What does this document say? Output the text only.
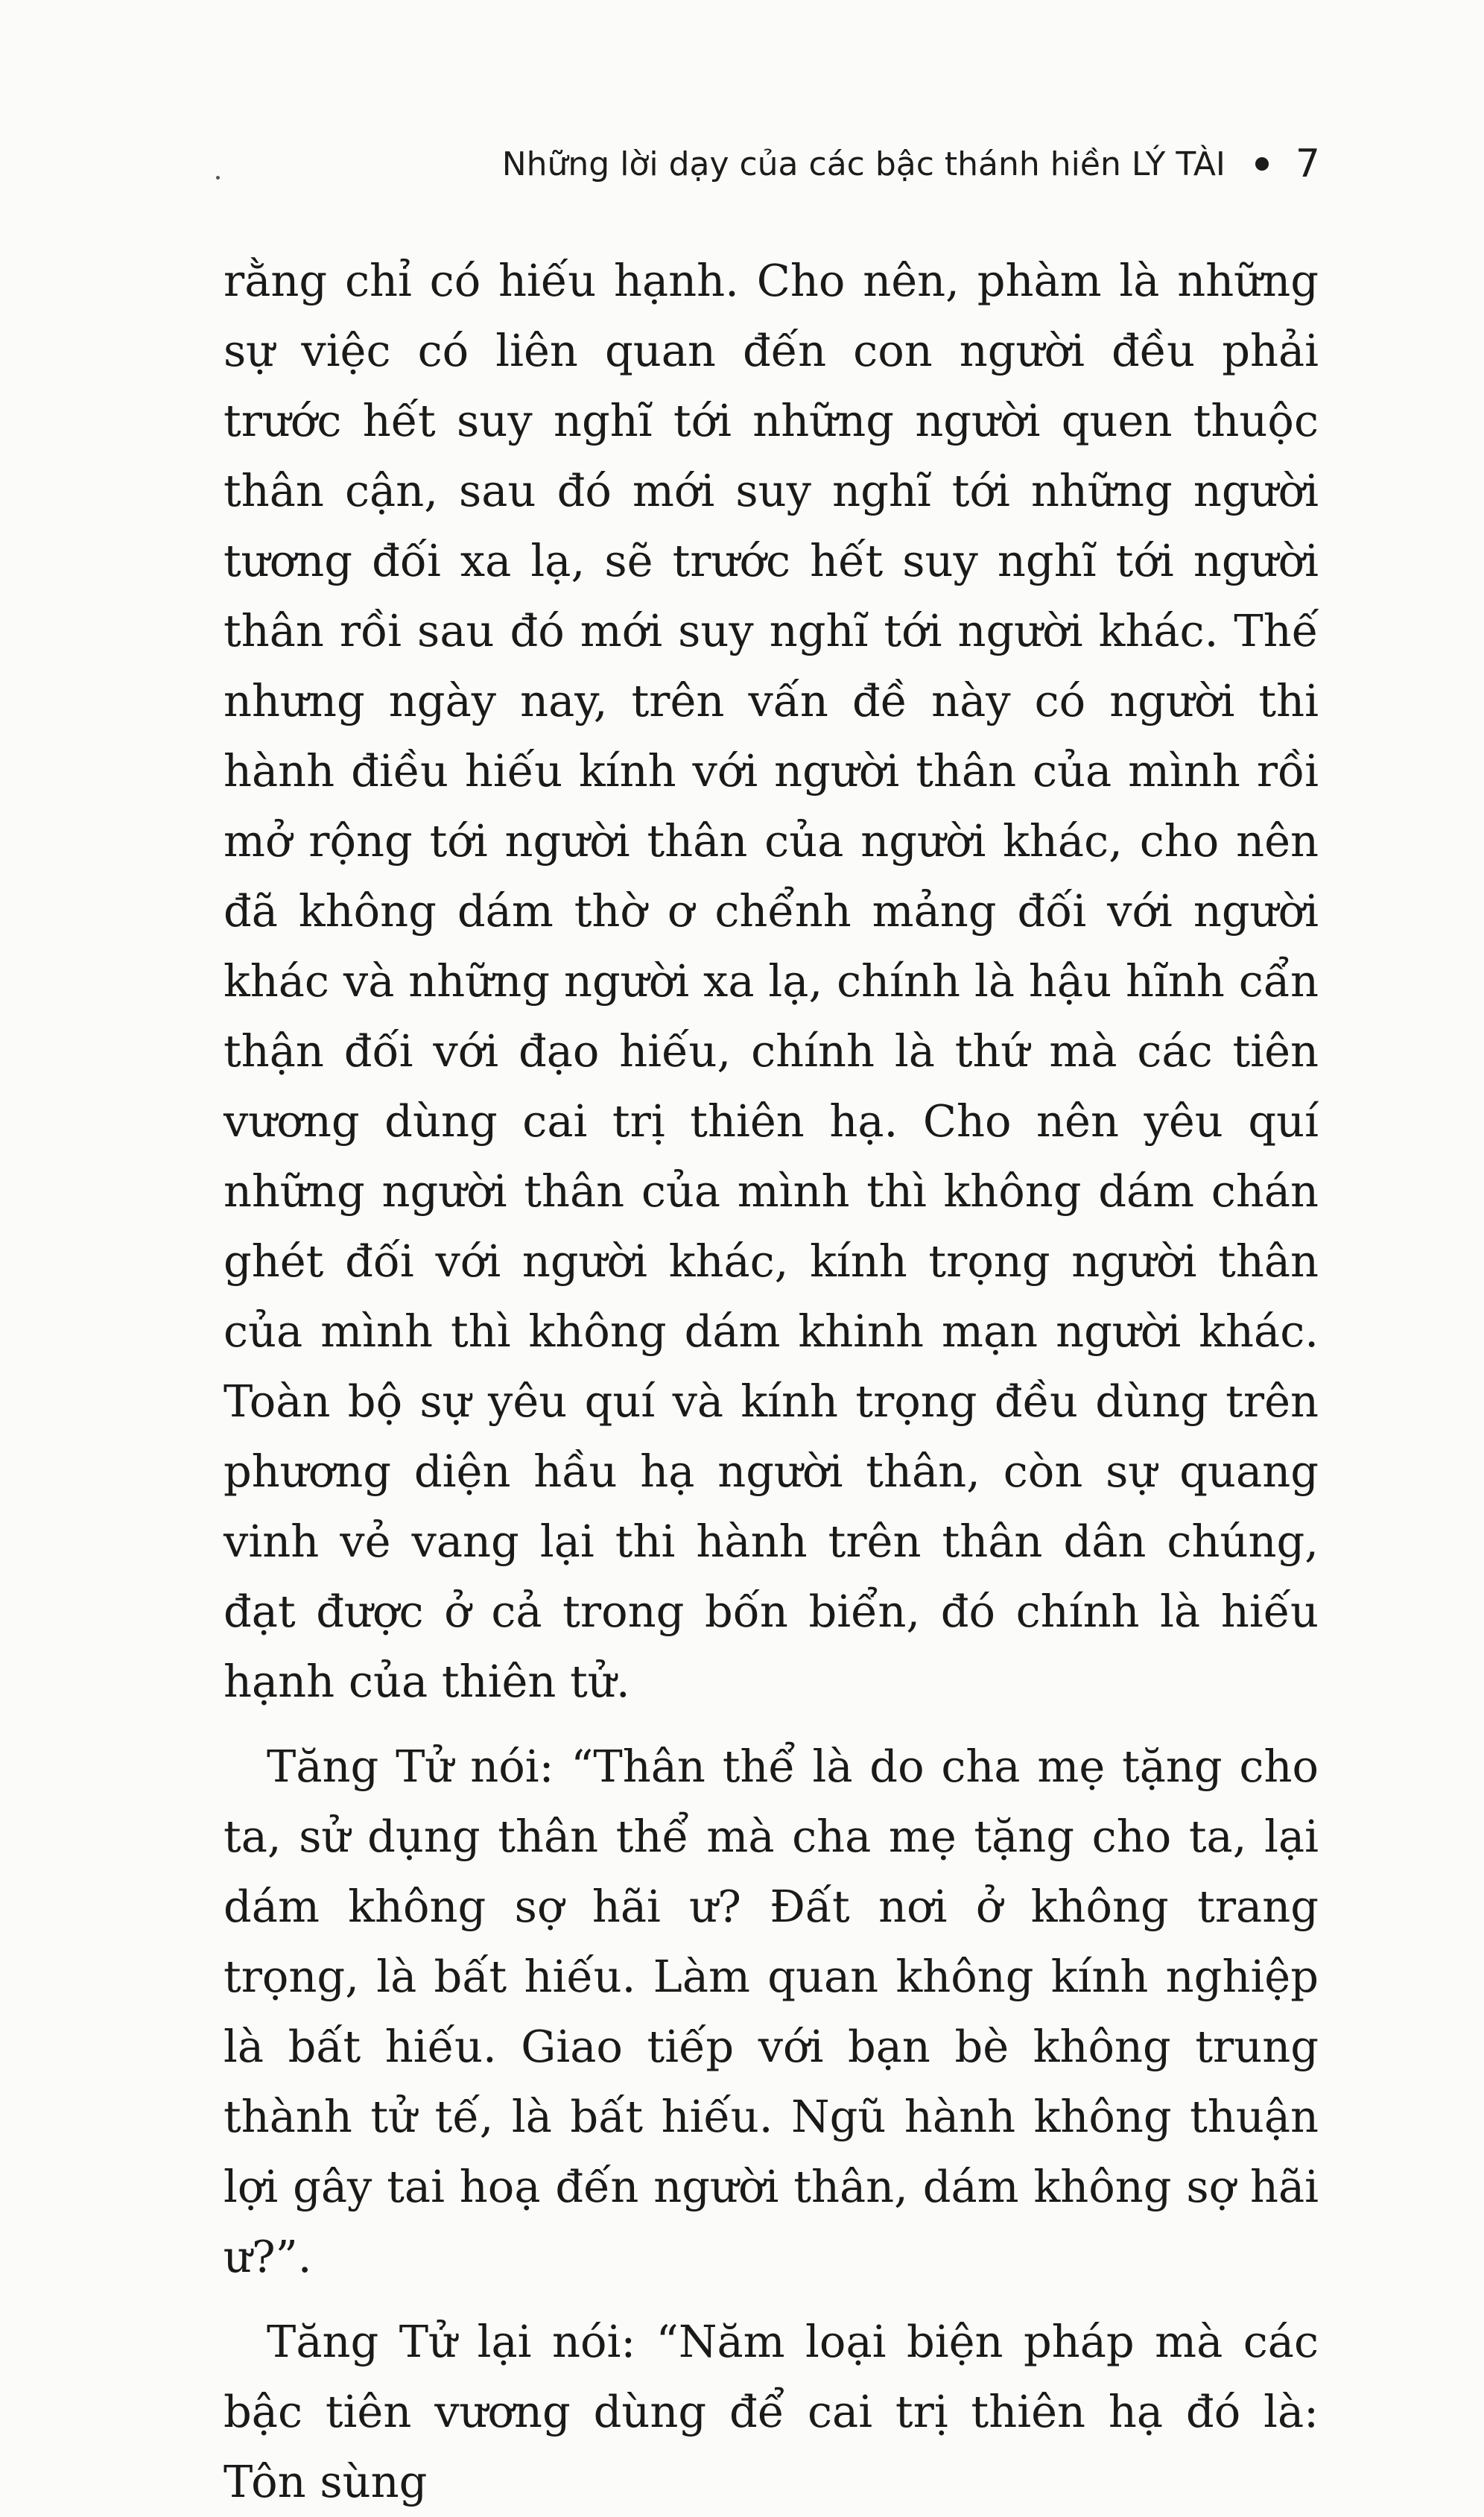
Những lời dạy của các bậc thánh hiền LÝ TÀI 7

rằng chỉ có hiếu hạnh. Cho nên, phàm là những sự việc có liên quan đến con người đều phải trước hết suy nghĩ tới những người quen thuộc thân cận, sau đó mới suy nghĩ tới những người tương đối xa lạ, sẽ trước hết suy nghĩ tới người thân rồi sau đó mới suy nghĩ tới người khác. Thế nhưng ngày nay, trên vấn đề này có người thi hành điều hiếu kính với người thân của mình rồi mở rộng tới người thân của người khác, cho nên đã không dám thờ ơ chểnh mảng đối với người khác và những người xa lạ, chính là hậu hĩnh cẩn thận đối với đạo hiếu, chính là thứ mà các tiên vương dùng cai trị thiên hạ. Cho nên yêu quí những người thân của mình thì không dám chán ghét đối với người khác, kính trọng người thân của mình thì không dám khinh mạn người khác. Toàn bộ sự yêu quí và kính trọng đều dùng trên phương diện hầu hạ người thân, còn sự quang vinh vẻ vang lại thi hành trên thân dân chúng, đạt được ở cả trong bốn biển, đó chính là hiếu hạnh của thiên tử.

Tăng Tử nói: “Thân thể là do cha mẹ tặng cho ta, sử dụng thân thể mà cha mẹ tặng cho ta, lại dám không sợ hãi ư? Đất nơi ở không trang trọng, là bất hiếu. Làm quan không kính nghiệp là bất hiếu. Giao tiếp với bạn bè không trung thành tử tế, là bất hiếu. Ngũ hành không thuận lợi gây tai hoạ đến người thân, dám không sợ hãi ư?”.

Tăng Tử lại nói: “Năm loại biện pháp mà các bậc tiên vương dùng để cai trị thiên hạ đó là: Tôn sùng
